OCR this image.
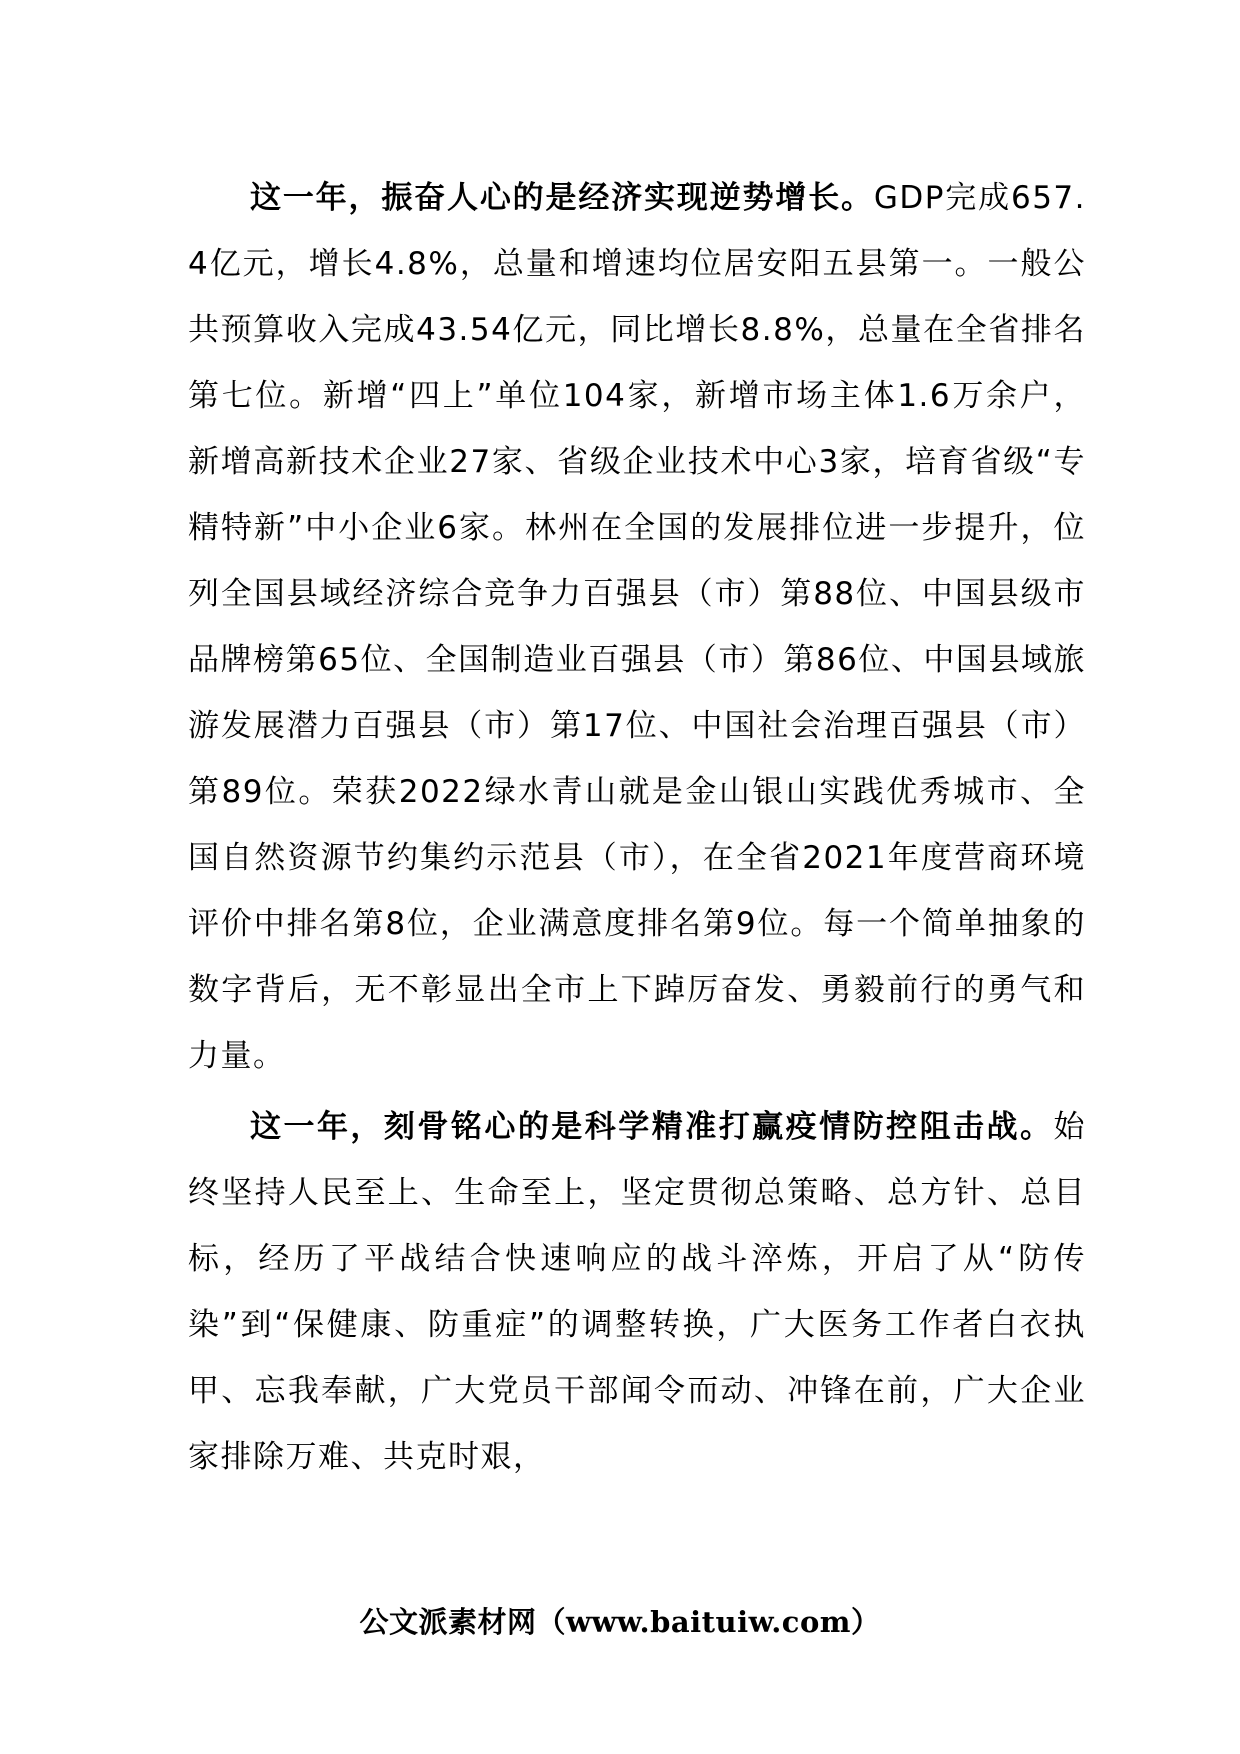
这一年，振奋人心的是经济实现逆势增长。GDP完成657.4亿元，增长4.8%，总量和增速均位居安阳五县第一。一般公共预算收入完成43.54亿元，同比增长8.8%，总量在全省排名第七位。新增“四上”单位104家，新增市场主体1.6万余户，新增高新技术企业27家、省级企业技术中心3家，培育省级“专精特新”中小企业6家。林州在全国的发展排位进一步提升，位列全国县域经济综合竞争力百强县（市）第88位、中国县级市品牌榜第65位、全国制造业百强县（市）第86位、中国县域旅游发展潜力百强县（市）第17位、中国社会治理百强县（市）第89位。荣获2022绿水青山就是金山银山实践优秀城市、全国自然资源节约集约示范县（市），在全省2021年度营商环境评价中排名第8位，企业满意度排名第9位。每一个简单抽象的数字背后，无不彰显出全市上下踔厉奋发、勇毅前行的勇气和力量。

这一年，刻骨铭心的是科学精准打赢疫情防控阻击战。始终坚持人民至上、生命至上，坚定贯彻总策略、总方针、总目标，经历了平战结合快速响应的战斗淬炼，开启了从“防传染”到“保健康、防重症”的调整转换，广大医务工作者白衣执甲、忘我奉献，广大党员干部闻令而动、冲锋在前，广大企业家排除万难、共克时艰，

公文派素材网（www.baituiw.com）
